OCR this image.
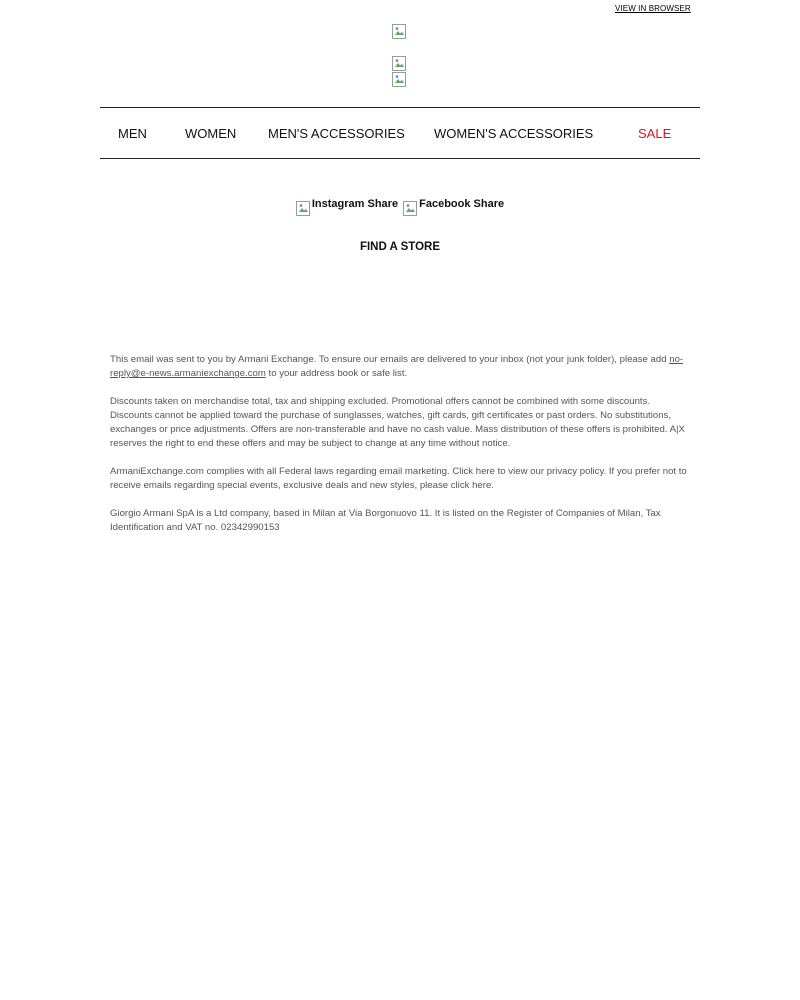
VIEW IN BROWSER
MEN	WOMEN MEN'S ACCESSORIES WOMEN'S ACCESSORIES	SALE
Instagram Share Facebook Share
FIND A STORE

This email was sent to you by Armani Exchange. To ensure our emails are delivered to your inbox (not your junk folder), please add no-reply@e-news.armaniexchange.com to your address book or safe list.

Discounts taken on merchandise total, tax and shipping excluded. Promotional offers cannot be combined with some discounts. Discounts cannot be applied toward the purchase of sunglasses, watches, gift cards, gift certificates or past orders. No substitutions, exchanges or price adjustments. Offers are non-transferable and have no cash value. Mass distribution of these offers is prohibited. A|X reserves the right to end these offers and may be subject to change at any time without notice.

ArmaniExchange.com complies with all Federal laws regarding email marketing. Click here to view our privacy policy. If you prefer not to receive emails regarding special events, exclusive deals and new styles, please click here.

Giorgio Armani SpA is a Ltd company, based in Milan at Via Borgonuovo 11. It is listed on the Register of Companies of Milan, Tax Identification and VAT no. 02342990153
